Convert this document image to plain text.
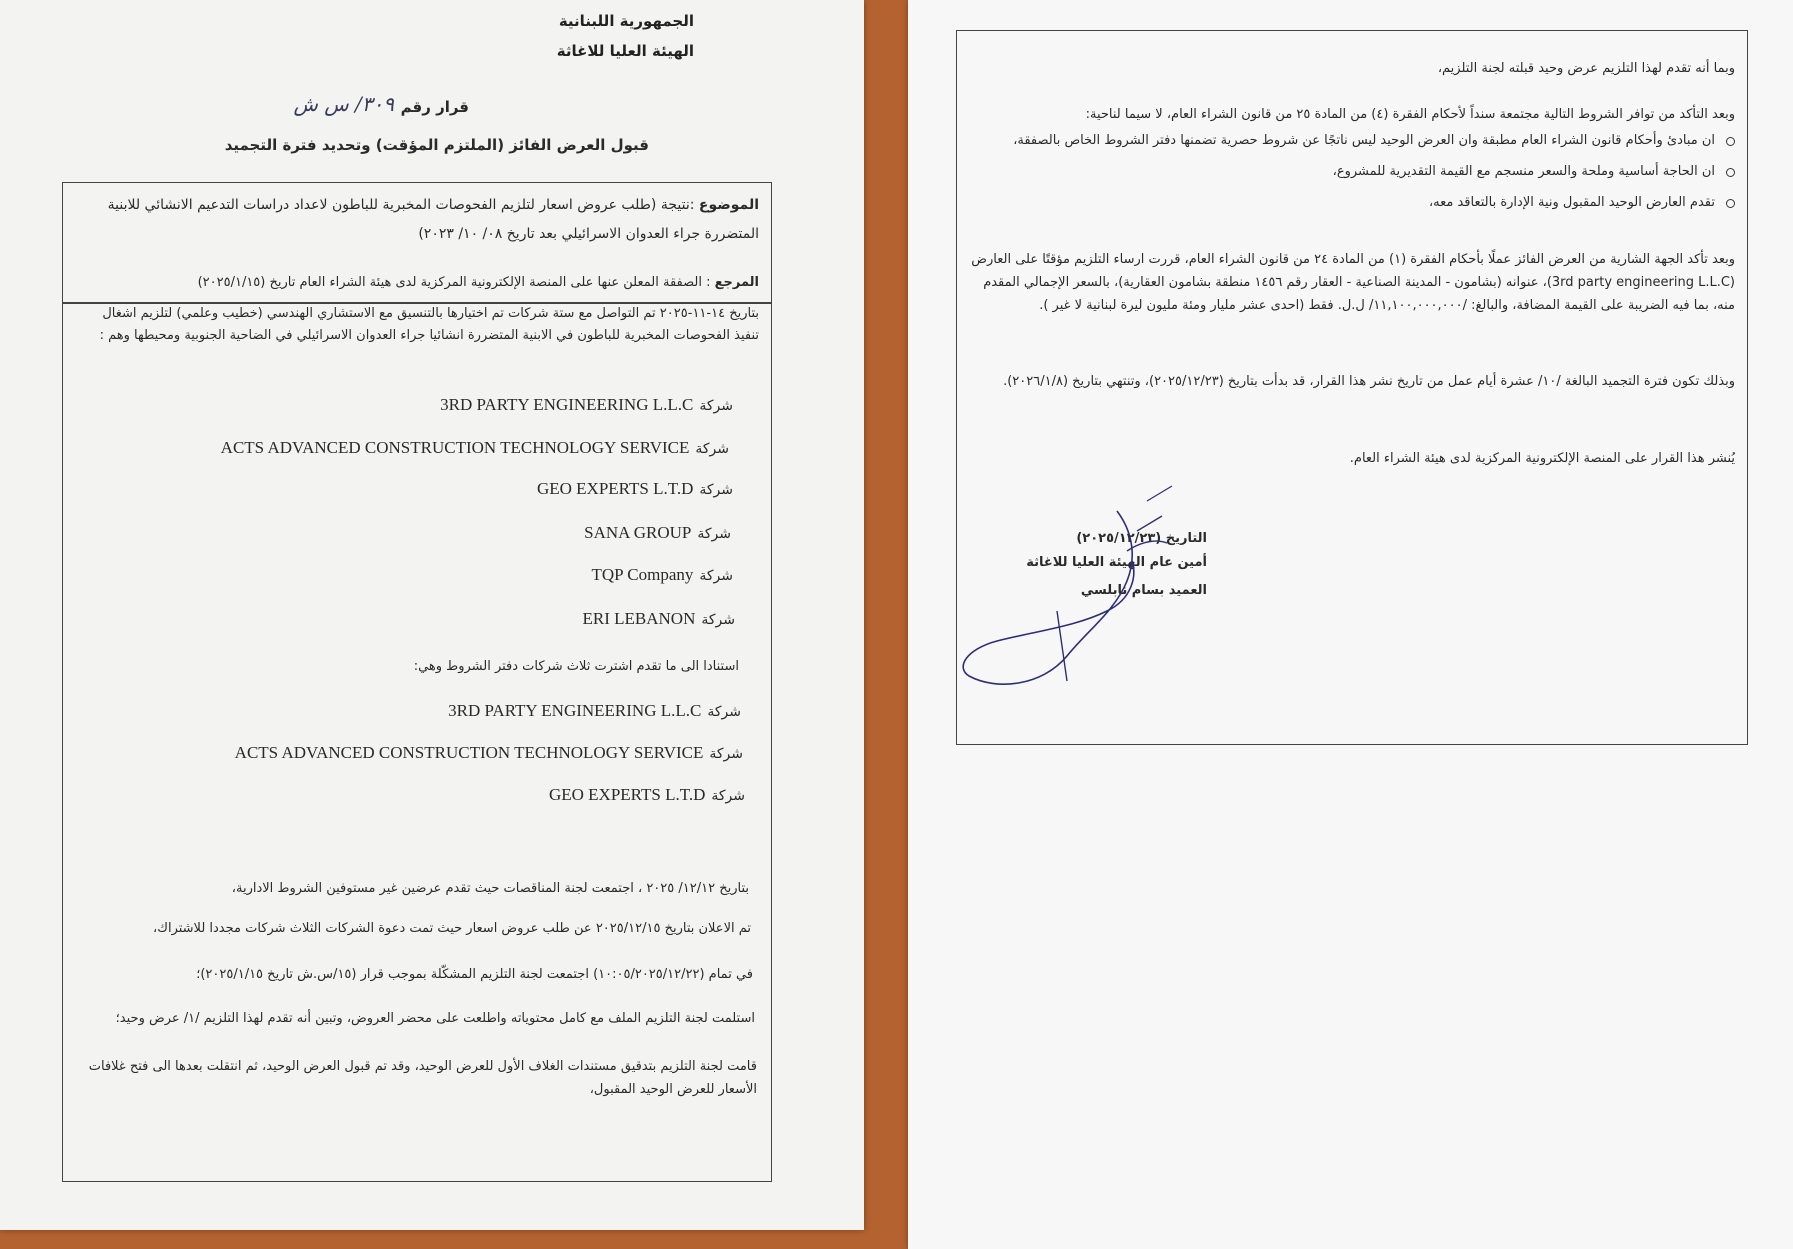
الجمهورية اللبنانية
الهيئة العليا للاغاثة
قرار رقم
٣٠٩/ س ش
قبول العرض الفائز (الملتزم المؤقت) وتحديد فترة التجميد
الموضوع :نتيجة (طلب عروض اسعار لتلزيم الفحوصات المخبرية للباطون لاعداد دراسات التدعيم الانشائي للابنية المتضررة جراء العدوان الاسرائيلي بعد تاريخ ٠٨/ ١٠/ ٢٠٢٣)
المرجع : الصفقة المعلن عنها على المنصة الإلكترونية المركزية لدى هيئة الشراء العام تاريخ (٢٠٢٥/١/١٥)
بتاريخ ١٤-١١-٢٠٢٥ تم التواصل مع ستة شركات تم اختيارها بالتنسيق مع الاستشاري الهندسي (خطيب وعلمي) لتلزيم اشغال تنفيذ الفحوصات المخبرية للباطون في الابنية المتضررة انشائيا جراء العدوان الاسرائيلي في الضاحية الجنوبية ومحيطها وهم :
شركة3RD PARTY ENGINEERING L.L.C
شركةACTS ADVANCED CONSTRUCTION TECHNOLOGY SERVICE
شركةGEO EXPERTS L.T.D
شركةSANA GROUP
شركةTQP Company
شركةERI LEBANON
استنادا الى ما تقدم اشترت ثلاث شركات دفتر الشروط وهي:
شركة3RD PARTY ENGINEERING L.L.C
شركةACTS ADVANCED CONSTRUCTION TECHNOLOGY SERVICE
شركةGEO EXPERTS L.T.D
بتاريخ ١٢/١٢/ ٢٠٢٥ ، اجتمعت لجنة المناقصات حيث تقدم عرضين غير مستوفين الشروط الادارية،
تم الاعلان بتاريخ ٢٠٢٥/١٢/١٥ عن طلب عروض اسعار حيث تمت دعوة الشركات الثلاث شركات مجددا للاشتراك،
في تمام (١٠:٠٥/٢٠٢٥/١٢/٢٢) اجتمعت لجنة التلزيم المشكّلة بموجب قرار (١٥/س.ش تاريخ ٢٠٢٥/١/١٥)؛
استلمت لجنة التلزيم الملف مع كامل محتوياته واطلعت على محضر العروض، وتبين أنه تقدم لهذا التلزيم /١/ عرض وحيد؛
قامت لجنة التلزيم بتدقيق مستندات الغلاف الأول للعرض الوحيد، وقد تم قبول العرض الوحيد، ثم انتقلت بعدها الى فتح غلافات الأسعار للعرض الوحيد المقبول،
وبما أنه تقدم لهذا التلزيم عرض وحيد قبلته لجنة التلزيم،
وبعد التأكد من توافر الشروط التالية مجتمعة سنداً لأحكام الفقرة (٤) من المادة ٢٥ من قانون الشراء العام، لا سيما لناحية:
ان مبادئ وأحكام قانون الشراء العام مطبقة وان العرض الوحيد ليس ناتجًا عن شروط حصرية تضمنها دفتر الشروط الخاص بالصفقة،
ان الحاجة أساسية وملحة والسعر منسجم مع القيمة التقديرية للمشروع،
تقدم العارض الوحيد المقبول ونية الإدارة بالتعاقد معه،
وبعد تأكد الجهة الشارية من العرض الفائز عملًا بأحكام الفقرة (١) من المادة ٢٤ من قانون الشراء العام، قررت ارساء التلزيم مؤقتًا على العارض (3rd party engineering L.L.C)، عنوانه (بشامون - المدينة الصناعية - العقار رقم ١٤٥٦ منطقة بشامون العقارية)، بالسعر الإجمالي المقدم منه، بما فيه الضريبة على القيمة المضافة، والبالغ: /١١,١٠٠,٠٠٠,٠٠٠/ ل.ل. فقط (احدى عشر مليار ومئة مليون ليرة لبنانية لا غير ).
وبذلك تكون فترة التجميد البالغة /١٠/ عشرة أيام عمل من تاريخ نشر هذا القرار، قد بدأت بتاريخ (٢٠٢٥/١٢/٢٣)، وتنتهي بتاريخ (٢٠٢٦/١/٨).
يُنشر هذا القرار على المنصة الإلكترونية المركزية لدى هيئة الشراء العام.
التاريخ (٢٠٢٥/١٢/٢٣)
أمين عام الهيئة العليا للاغاثة
العميد بسام نابلسي
